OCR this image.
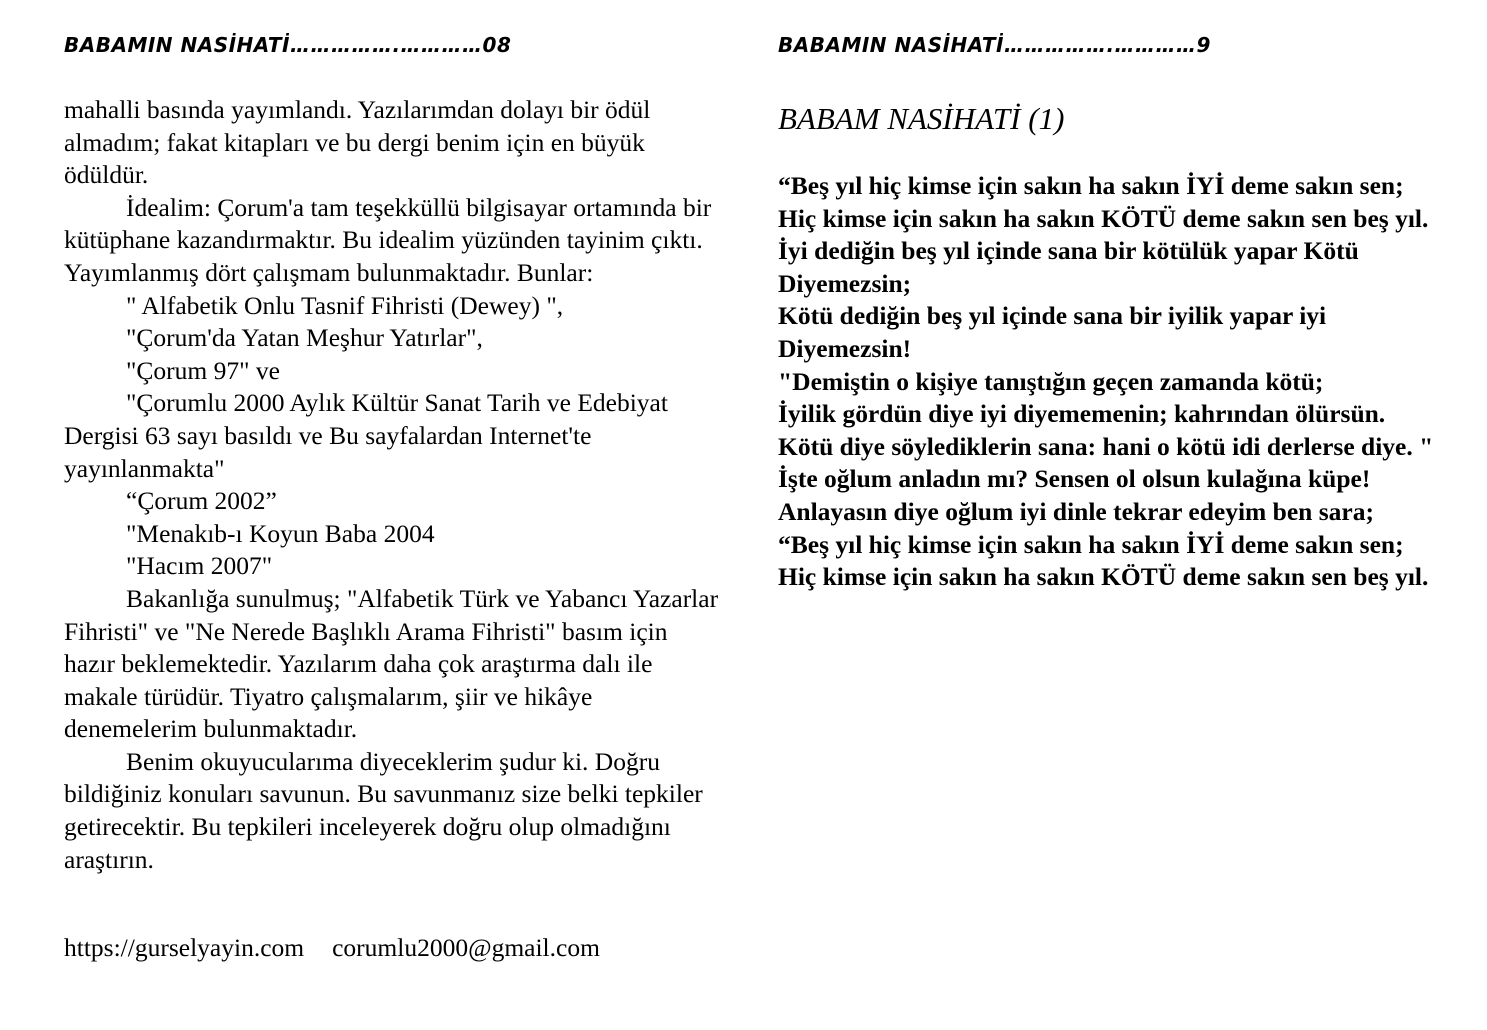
BABAMIN NASİHATİ…………….…………08

mahalli basında yayımlandı. Yazılarımdan dolayı bir ödül almadım; fakat kitapları ve bu dergi benim için en büyük ödüldür.

İdealim: Çorum'a tam teşekküllü bilgisayar ortamında bir kütüphane kazandırmaktır. Bu idealim yüzünden tayinim çıktı. Yayımlanmış dört çalışmam bulunmaktadır. Bunlar:

" Alfabetik Onlu Tasnif Fihristi (Dewey) ",

"Çorum'da Yatan Meşhur Yatırlar",

"Çorum 97" ve

"Çorumlu 2000 Aylık Kültür Sanat Tarih ve Edebiyat Dergisi 63 sayı basıldı ve Bu sayfalardan Internet'te yayınlanmakta"

“Çorum 2002”

"Menakıb-ı Koyun Baba 2004

"Hacım 2007"

Bakanlığa sunulmuş; "Alfabetik Türk ve Yabancı Yazarlar Fihristi" ve "Ne Nerede Başlıklı Arama Fihristi" basım için hazır beklemektedir. Yazılarım daha çok araştırma dalı ile makale türüdür. Tiyatro çalışmalarım, şiir ve hikâye denemelerim bulunmaktadır.

Benim okuyucularıma diyeceklerim şudur ki. Doğru bildiğiniz konuları savunun. Bu savunmanız size belki tepkiler getirecektir. Bu tepkileri inceleyerek doğru olup olmadığını araştırın.

https://gurselyayin.com corumlu2000@gmail.com
BABAMIN NASİHATİ…………….…………9
BABAM NASİHATİ (1)

“Beş yıl hiç kimse için sakın ha sakın İYİ deme sakın sen;

Hiç kimse için sakın ha sakın KÖTÜ deme sakın sen beş yıl.

İyi dediğin beş yıl içinde sana bir kötülük yapar Kötü Diyemezsin;

Kötü dediğin beş yıl içinde sana bir iyilik yapar iyi Diyemezsin!

"Demiştin o kişiye tanıştığın geçen zamanda kötü;

İyilik gördün diye iyi diyememenin; kahrından ölürsün.

Kötü diye söylediklerin sana: hani o kötü idi derlerse diye. "

İşte oğlum anladın mı? Sensen ol olsun kulağına küpe!

Anlayasın diye oğlum iyi dinle tekrar edeyim ben sara;

“Beş yıl hiç kimse için sakın ha sakın İYİ deme sakın sen;

Hiç kimse için sakın ha sakın KÖTÜ deme sakın sen beş yıl.
